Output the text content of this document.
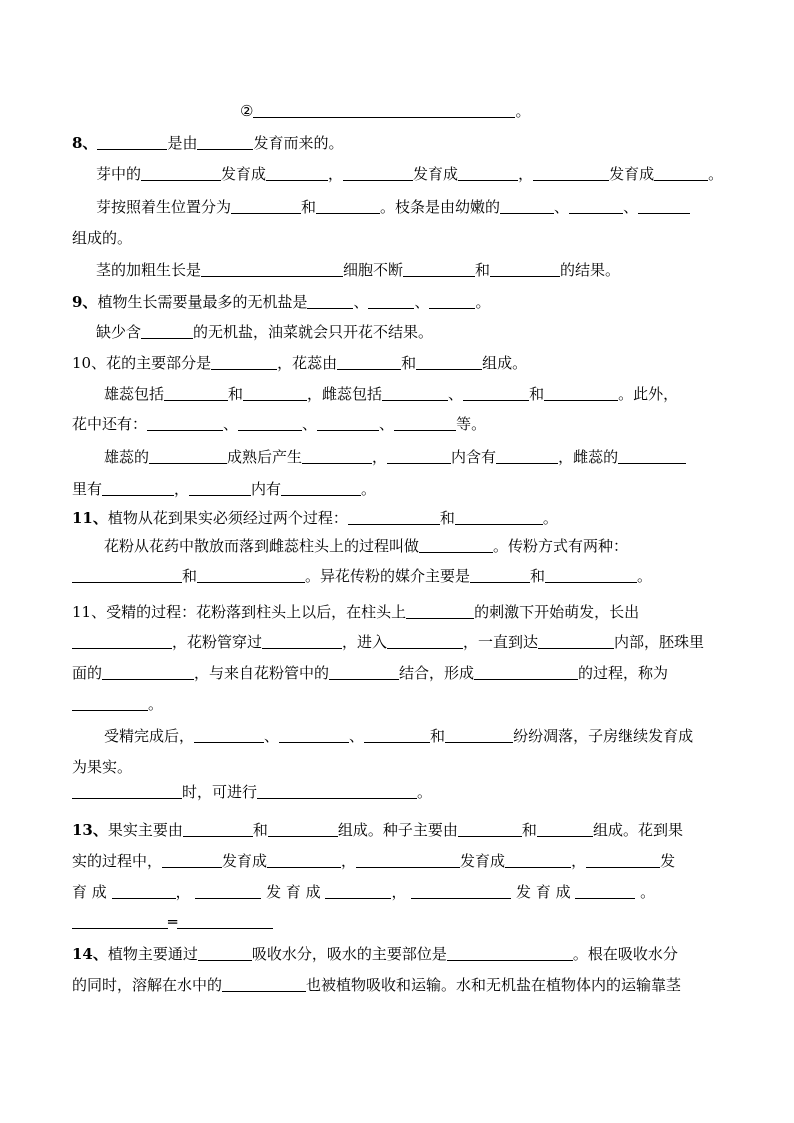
②	。
8、	是由	发育而来的。
芽中的	发育成	，	发育成	，	发育成	。
芽按照着生位置分为	和	。枝条是由幼嫩的	、	、
组成的。
茎的加粗生长是	细胞不断	和	的结果。
9、植物生长需要量最多的无机盐是	、	、	。
缺少含	的无机盐，油菜就会只开花不结果。
10、花的主要部分是	，花蕊由	和	组成。
雄蕊包括	和	，雌蕊包括	、	和	。此外，
花中还有：	、	、	、	等。
雄蕊的	成熟后产生	，	内含有	，雌蕊的
里有	，	内有	。
11、植物从花到果实必须经过两个过程：	和	。
花粉从花药中散放而落到雌蕊柱头上的过程叫做	。传粉方式有两种：
和	。异花传粉的媒介主要是	和	。
11、受精的过程：花粉落到柱头上以后，在柱头上	的刺激下开始萌发，长出
，花粉管穿过	，进入	，一直到达	内部，胚珠里
面的	，与来自花粉管中的	结合，形成	的过程，称为
。
受精完成后，	、	、	和	纷纷凋落，子房继续发育成
为果实。
时，可进行	。
13、果实主要由	和	组成。种子主要由	和	组成。花到果
实的过程中，	发育成	，	发育成	，	发
育 成	，	发 育 成	，	发 育 成	。
═
14、植物主要通过	吸收水分，吸水的主要部位是	。根在吸收水分
的同时，溶解在水中的	也被植物吸收和运输。水和无机盐在植物体内的运输靠茎
